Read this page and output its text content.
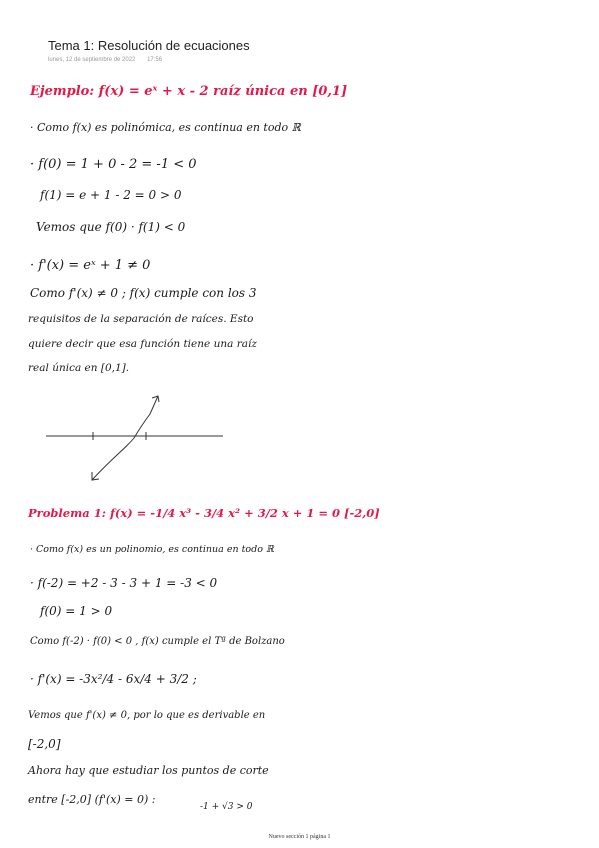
Tema 1: Resolución de ecuaciones
lunes, 12 de septiembre de 2022 17:56
Ejemplo: f(x) = eˣ + x - 2 raíz única en [0,1]
· Como f(x) es polinómica, es continua en todo ℝ
· f(0) = 1 + 0 - 2 = -1 < 0
f(1) = e + 1 - 2 = 0 > 0
Vemos que f(0) · f(1) < 0
· f'(x) = eˣ + 1 ≠ 0
Como f'(x) ≠ 0 ; f(x) cumple con los 3
requisitos de la separación de raíces. Esto
quiere decir que esa función tiene una raíz
real única en [0,1].
Problema 1: f(x) = -1/4 x³ - 3/4 x² + 3/2 x + 1 = 0 [-2,0]
· Como f(x) es un polinomio, es continua en todo ℝ
· f(-2) = +2 - 3 - 3 + 1 = -3 < 0
f(0) = 1 > 0
Como f(-2) · f(0) < 0 , f(x) cumple el Tª de Bolzano
· f'(x) = -3x²/4 - 6x/4 + 3/2 ;
Vemos que f'(x) ≠ 0, por lo que es derivable en
[-2,0]
Ahora hay que estudiar los puntos de corte
entre [-2,0] (f'(x) = 0) :
-1 + √3 > 0
Nuevo sección 1 página 1
